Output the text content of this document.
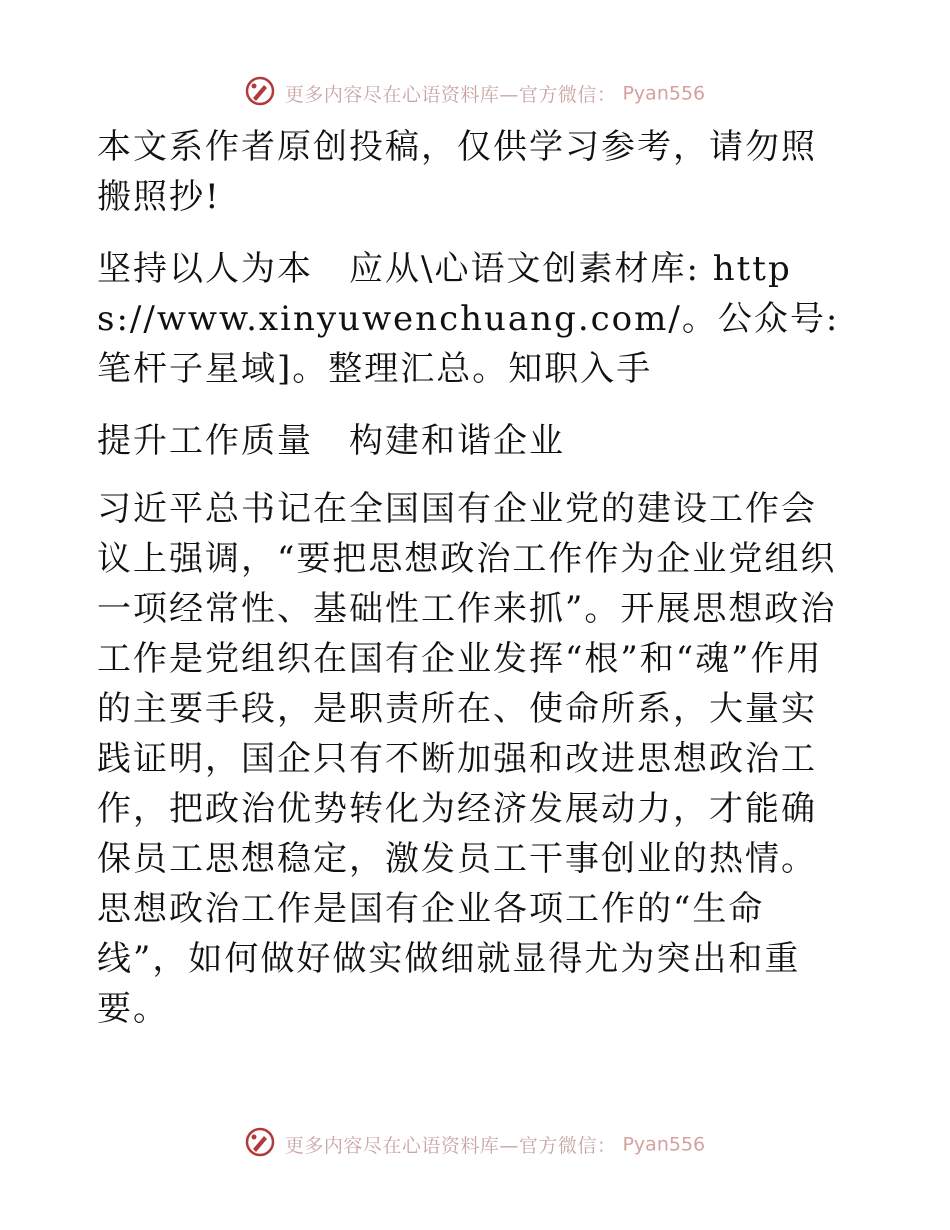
更多内容尽在心语资料库—官方微信： Pyan556

本文系作者原创投稿，仅供学习参考，请勿照搬照抄!

坚持以人为本　应从\心语文创素材库: https://www.xinyuwenchuang.com/。公众号: 笔杆子星域]。整理汇总。知职入手

提升工作质量　构建和谐企业

习近平总书记在全国国有企业党的建设工作会议上强调，“要把思想政治工作作为企业党组织一项经常性、基础性工作来抓”。开展思想政治工作是党组织在国有企业发挥“根”和“魂”作用的主要手段，是职责所在、使命所系，大量实践证明，国企只有不断加强和改进思想政治工作，把政治优势转化为经济发展动力，才能确保员工思想稳定，激发员工干事创业的热情。思想政治工作是国有企业各项工作的“生命线”，如何做好做实做细就显得尤为突出和重要。

更多内容尽在心语资料库—官方微信： Pyan556
